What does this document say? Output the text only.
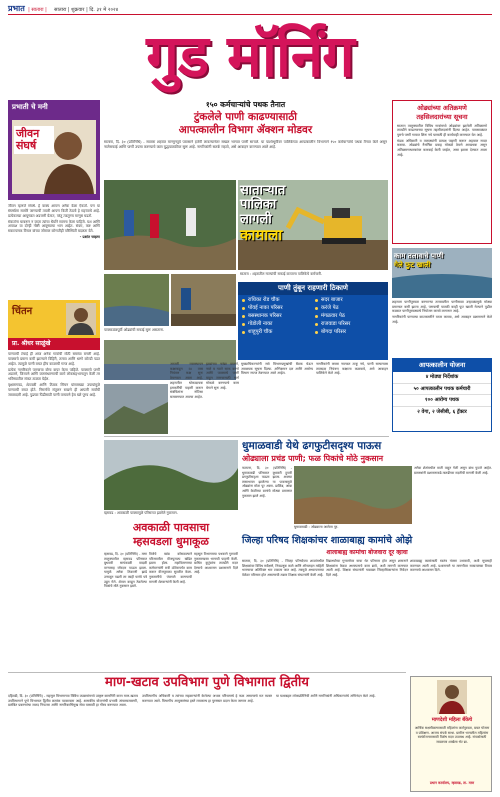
प्रभात | सातारा | सातारा | शुक्रवार | दि. ३१ मे २०२४
गुड मॉर्निंग
प्रभाती चे मनी
जीवन
संघर्ष

जीवन म्हणजे संघर्ष. हे वाक्य आपण अनेक वेळा ऐकतो. पण या संघर्षाला सामोरे जाण्याची तयारी आपण किती ठेवतो हे महत्त्वाचे आहे. प्रत्येकाच्या आयुष्यात अडचणी येतात, परंतु त्यातूनच माणूस घडतो.

संकटांना घाबरून न जाता त्यांचा धैर्याने सामना केला पाहिजे. यश आणि अपयश या दोन्ही गोष्टी आयुष्याचा भाग आहेत. संयम, कष्ट आणि सकारात्मक विचार यांच्या जोरावर कोणतीही परिस्थिती बदलता येते.

- प्रशांत चव्हाण

चिंतन
प्रा. श्रीधर साळुंखे

पाण्याची टंचाई ही आज अनेक गावांची मोठी समस्या बनली आहे. पावसाचे प्रमाण कमी झाल्याने विहिरी, तलाव आणि धरणे कोरडी पडत आहेत. त्यामुळे पाणी बचत हीच काळाची गरज आहे.

प्रत्येक नागरिकाने पाण्याचा योग्य वापर केला पाहिजे. पावसाचे पाणी अडवणे, जिरवणे आणि जलसंधारणाची कामे लोकसहभागातून केली तर भविष्यातील संकट टाळता येईल.

वृक्षलागवड, शेततळी आणि ठिबक सिंचन यांसारख्या उपायांमुळे पाण्याची बचत होते. निसर्गाचे संतुलन राखणे ही आपली सर्वांची जबाबदारी आहे. पुढच्या पिढीसाठी पाणी वाचवणे हेच खरे पुण्य आहे.

१५० कर्मचाऱ्यांचे पथक तैनात
टुंकलेले पाणी काढण्यासाठी
आपत्कालीन विभाग ॲक्शन मोडवर
सातारा, दि. ३० (प्रतिनिधि) - सातारा शहरात मान्सूनपूर्व पावसाने हजेरी लावल्यानंतर सखल भागात पाणी साचले. या पार्श्वभूमीवर पालिकेच्या आपत्कालीन विभागाने १५० कर्मचाऱ्यांचे पथक तैनात केले असून नालेसफाई आणि पाणी उपसा करण्याचे काम युद्धपातळीवर सुरू आहे. नागरिकांनी सतर्क राहावे, असे आवाहन करण्यात आले आहे.
साताऱ्यात
पालिका लागली
कामाला
सातारा : शहरातील नाल्यांची सफाई करताना पालिकेचे कर्मचारी.
पाणी तुंबून राहणारी ठिकाणे
राधिका रोड चौक
पोवई नाका परिसर
बसस्थानक परिसर
गोडोली नाका
शाहूपुरी चौक
सदर बाजार
करंजे पेठ
मंगळवार पेठ
राजवाडा परिसर
बोगदा परिसर
पावसाळ्यापूर्वी ओढ्यांची सफाई सुरू असताना.
आपत्ती व्यवस्थापन कक्षाकडून २४ तास नियंत्रण कक्ष सुरू ठेवण्यात आला आहे. शहरातील धोकादायक इमारतींची पाहणी करून संबंधितांना नोटिसा बजावण्यात आल्या आहेत.
झाडांच्या फांद्या छाटणे, नाले व गटारे साफ करणे आणि पावसाचे पाणी वाहून जाण्यासाठी मार्ग मोकळे करण्याचे काम वेगाने सुरू आहे.
मुख्याधिकाऱ्यांनी सर्व विभागप्रमुखांची बैठक घेऊन आवश्यक सूचना दिल्या. अग्निशमन दल आणि आरोग्य विभाग सज्ज ठेवण्यात आले आहेत.
नागरिकांनी कचरा नाल्यात टाकू नये, पाणी साचल्यास तात्काळ नियंत्रण कक्षाला कळवावे, असे आवाहन पालिकेने केले आहे.
म्हसवड : अवकाळी पावसामुळे परिसरात झालेले नुकसान.
अवकाळी पावसाचा
म्हसवडला धुमाकूळ
म्हसवड, दि. ३० (प्रतिनिधि) - माण तालुक्यातील म्हसवड परिसरात बुधवारी सायंकाळी वादळी वाऱ्यासह जोरदार पाऊस झाला. यामुळे अनेक ठिकाणी झाडे उन्मळून पडली तर काही घरांचे पत्रे उडून गेले. शेतात काढून ठेवलेल्या पिकांचे मोठे नुकसान झाले.
विजेचे खांब कोसळल्याने परिसरातील वीजपुरवठा खंडित झाला होता. महावितरणच्या कर्मचाऱ्यांनी रात्री उशिरापर्यंत काम करून वीजपुरवठा सुरळीत केला. नुकसानीचे पंचनामे करण्याची मागणी शेतकऱ्यांनी केली आहे.
महसूल विभागाच्या पथकाने गुरुवारी नुकसानग्रस्त भागाची पाहणी केली. बाधित कुटुंबांना तातडीने मदत देण्याचे आश्वासन प्रशासनाने दिले आहे.
धुमाळवाडी येथे ढगफुटीसदृश्य पाऊस
ओढ्याला प्रचंड पाणी; फळ पिकांचे मोठे नुकसान
फलटण, दि. ३० (प्रतिनिधि) - धुमाळवाडी परिसरात बुधवारी दुपारी ढगफुटीसदृश्य पाऊस झाला. अवघ्या तासाभरात झालेल्या या पावसामुळे ओढ्यांना मोठा पूर आला. डाळिंब, आंबा आणि केळीच्या बागांचे मोठ्या प्रमाणात नुकसान झाले आहे.
अनेक शेतांमधील माती वाहून गेली असून बांध फुटले आहेत. ग्रामस्थांनी प्रशासनाकडे तातडीच्या मदतीची मागणी केली आहे.
धुमाळवाडी : ओढ्याला आलेला पूर.
जिल्हा परिषद शिक्षकांचर शाळाबाह्य कामांचे ओझे
शालाबाह्य कामांचा बोजवारा दूर व्हावा
सातारा, दि. ३० (प्रतिनिधि) - जिल्हा परिषदेच्या शाळांमधील शिक्षकांवर विविध सर्वेक्षणे, निवडणूक कामे आणि ऑनलाइन माहिती भरण्याचा अतिरिक्त भार टाकला जात आहे. त्यामुळे अध्यापनाच्या वेळेवर परिणाम होत असल्याची तक्रार शिक्षक संघटनांनी केली आहे.
विद्यार्थ्यांच्या गुणवत्तेवर याचा थेट परिणाम होत असून शासनाने शिक्षकांना केवळ अध्यापनाचे काम द्यावे, अशी मागणी करण्यात आली आहे. शिक्षक संघटनांनी याबाबत जिल्हाधिकाऱ्यांना निवेदन दिले आहे.
शाळाबाह्य कामांसाठी स्वतंत्र यंत्रणा उभारावी, अशी सूचनाही करण्यात आली आहे. प्रशासनाने या मागणीवर सकारात्मक विचार करण्याचे आश्वासन दिले.
माण-खटाव उपविभाग पुणे विभागात द्वितीय
दहिवडी, दि. ३० (प्रतिनिधि) - महसूल विभागाच्या विविध उपक्रमांमध्ये उत्कृष्ट कामगिरी करत माण-खटाव उपविभागाने पुणे विभागात द्वितीय क्रमांक पटकावला आहे. शासकीय योजनांची प्रभावी अंमलबजावणी, प्रलंबित प्रकरणांचा जलद निपटारा आणि नागरिकाभिमुख सेवा यासाठी हा गौरव करण्यात आला.
उपविभागीय अधिकारी व त्यांच्या सहकाऱ्यांनी केलेल्या अथक परिश्रमाचे हे फळ असल्याचे मत व्यक्त करण्यात आले. विभागीय आयुक्तांच्या हस्ते लवकरच हा पुरस्कार प्रदान केला जाणार आहे.
या यशाबद्दल लोकप्रतिनिधी आणि नागरिकांनी अधिकाऱ्यांचे अभिनंदन केले आहे.
ओढ्यांच्या अतिक्रमणे
तहसिलदारांच्या सूचना

सातारा तालुक्यातील विविध गावांमध्ये ओढ्यांवर झालेली अतिक्रमणे तातडीने काढण्याच्या सूचना तहसीलदारांनी दिल्या आहेत. पावसाळ्यात पुराचे पाणी गावात शिरू नये यासाठी ही कार्यवाही करण्यात येत आहे.

मंडळ अधिकारी व तलाठ्यांनी प्रत्यक्ष पाहणी करून अहवाल सादर करावा. ओढ्यांचे नैसर्गिक प्रवाह मोकळे ठेवणे आवश्यक असून अतिक्रमणधारकांवर कारवाई केली जाईल, असा इशारा देण्यात आला आहे.

काम तलावाचे पाणी
गेले फुट खाली

शहराला पाणीपुरवठा करणाऱ्या तलावातील पाणीसाठा उन्हाळ्यामुळे मोठ्या प्रमाणात कमी झाला आहे. पाण्याची पातळी काही फूट खाली गेल्याने पुढील काळात पाणीपुरवठ्याचे नियोजन करावे लागणार आहे.

नागरिकांनी पाण्याचा काटकसरीने वापर करावा, असे आवाहन प्रशासनाने केले आहे.

आपत्कालीन योजना
४ मोठ्या निर्देशांक
५० आपत्कालीन पथक कर्मचारी
१०० आरोग्य पथक
२ वेगा, २ जेसीबी, ६ ट्रॅक्टर
माणदेशी महिला बँकेचे
आर्थिक सक्षमीकरणासाठी महिलांना कर्जपुरवठा, बचत योजना व प्रशिक्षण. आजच संपर्क साधा. ग्रामीण भागातील महिलांना स्वयंरोजगारासाठी विशेष मदत उपलब्ध आहे. संपर्कासाठी जवळच्या शाखेला भेट द्या.
प्रधान कार्यालय, म्हसवड, ता. माण
